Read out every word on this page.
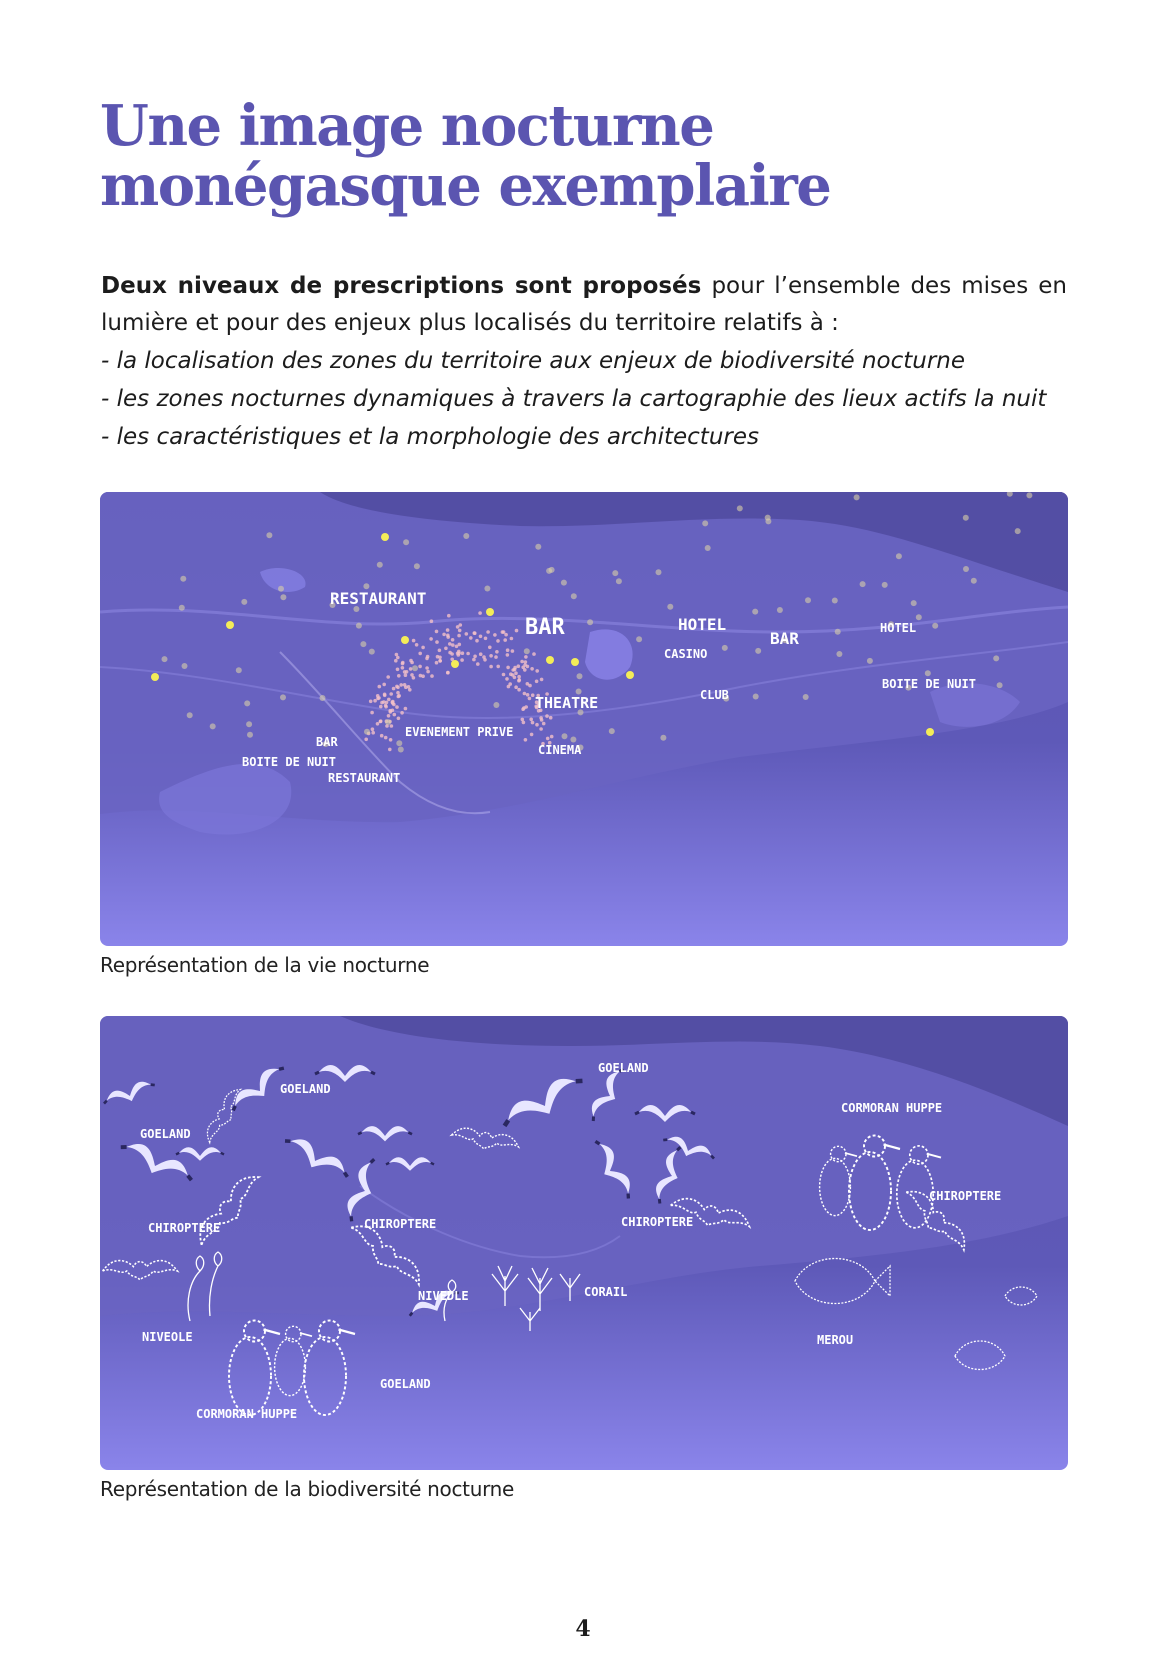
Une image nocturne
monégasque exemplaire

Deux niveaux de prescriptions sont proposés pour l’ensemble des mises en lumière et pour des enjeux plus localisés du territoire relatifs à :

- la localisation des zones du territoire aux enjeux de biodiversité nocturne
- les zones nocturnes dynamiques à travers la cartographie des lieux actifs la nuit
- les caractéristiques et la morphologie des architectures
RESTAURANT
BAR	HOTEL
BAR
HOTEL
CASINO
CLUB
BOITE DE NUIT
THEATRE
EVENEMENT PRIVE
CINEMA
BAR
BOITE DE NUIT
RESTAURANT
Représentation de la vie nocturne
GOELAND
GOELAND
GOELAND
GOELAND
CORMORAN HUPPE
CORMORAN HUPPE
CHIROPTERE	CHIROPTERE	CHIROPTERE
CHIROPTERE
NIVEDLE
NIVEOLE
CORAIL
MEROU
Représentation de la biodiversité nocturne
4
